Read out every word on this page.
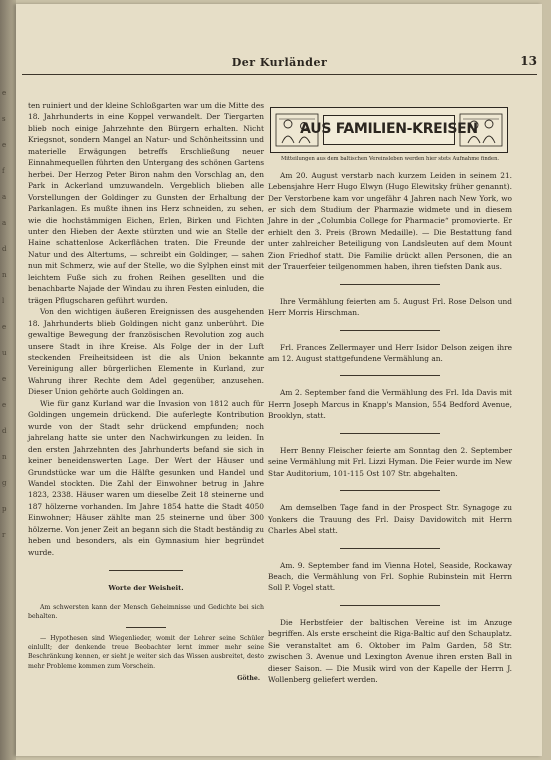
e
s
e
f
a
a
d
n
l
e
u
e
e
d
n
g
p
r
Der Kurländer	13

ten ruiniert und der kleine Schloßgarten war um die Mitte des 18. Jahrhunderts in eine Koppel verwandelt. Der Tiergarten blieb noch einige Jahrzehnte den Bürgern erhalten. Nicht Kriegsnot, sondern Mangel an Natur- und Schönheitssinn und materielle Erwägungen betreffs Erschließung neuer Einnahmequellen führten den Untergang des schönen Gartens herbei. Der Herzog Peter Biron nahm den Vorschlag an, den Park in Ackerland umzuwandeln. Vergeblich blieben alle Vorstellungen der Goldinger zu Gunsten der Erhaltung der Parkanlagen. Es mußte ihnen ins Herz schneiden, zu sehen, wie die hochstämmigen Eichen, Erlen, Birken und Fichten unter den Hieben der Aexte stürzten und wie an Stelle der Haine schattenlose Ackerflächen traten. Die Freunde der Natur und des Altertums, — schreibt ein Goldinger, — sahen nun mit Schmerz, wie auf der Stelle, wo die Sylphen einst mit leichtem Fuße sich zu frohen Reihen gesellten und die benachbarte Najade der Windau zu ihren Festen einluden, die trägen Pflugscharen geführt wurden.

Von den wichtigen äußeren Ereignissen des ausgehenden 18. Jahrhunderts blieb Goldingen nicht ganz unberührt. Die gewaltige Bewegung der französischen Revolution zog auch unsere Stadt in ihre Kreise. Als Folge der in der Luft steckenden Freiheitsideen ist die als Union bekannte Vereinigung aller bürgerlichen Elemente in Kurland, zur Wahrung ihrer Rechte dem Adel gegenüber, anzusehen. Dieser Union gehörte auch Goldingen an.

Wie für ganz Kurland war die Invasion von 1812 auch für Goldingen ungemein drückend. Die auferlegte Kontribution wurde von der Stadt sehr drückend empfunden; noch jahrelang hatte sie unter den Nachwirkungen zu leiden. In den ersten Jahrzehnten des Jahrhunderts befand sie sich in keiner beneidenswerten Lage. Der Wert der Häuser und Grundstücke war um die Hälfte gesunken und Handel und Wandel stockten. Die Zahl der Einwohner betrug in Jahre 1823, 2338. Häuser waren um dieselbe Zeit 18 steinerne und 187 hölzerne vorhanden. Im Jahre 1854 hatte die Stadt 4050 Einwohner; Häuser zählte man 25 steinerne und über 300 hölzerne. Von jener Zeit an begann sich die Stadt beständig zu heben und besonders, als ein Gymnasium hier begründet wurde.

Worte der Weisheit.

Am schwersten kann der Mensch Geheimnisse und Gedichte bei sich behalten.

— Hypothesen sind Wiegenlieder, womit der Lehrer seine Schüler einlullt; der denkende treue Beobachter lernt immer mehr seine Beschränkung kennen, er sieht je weiter sich das Wissen ausbreitet, desto mehr Probleme kommen zum Vorschein.

Göthe.
AUS FAMILIEN-KREISEN
Mitteilungen aus dem baltischen Vereinsleben werden hier stets Aufnahme finden.

Am 20. August verstarb nach kurzem Leiden in seinem 21. Lebensjahre Herr Hugo Elwyn (Hugo Elewitsky früher genannt). Der Verstorbene kam vor ungefähr 4 Jahren nach New York, wo er sich dem Studium der Pharmazie widmete und in diesem Jahre in der „Columbia College for Pharmacie“ promovierte. Er erhielt den 3. Preis (Brown Medaille). — Die Bestattung fand unter zahlreicher Beteiligung von Landsleuten auf dem Mount Zion Friedhof statt. Die Familie drückt allen Personen, die an der Trauerfeier teilgenommen haben, ihren tiefsten Dank aus.

Ihre Vermählung feierten am 5. August Frl. Rose Delson und Herr Morris Hirschman.

Frl. Frances Zellermayer und Herr Isidor Delson zeigen ihre am 12. August stattgefundene Vermählung an.

Am 2. September fand die Vermählung des Frl. Ida Davis mit Herrn Joseph Marcus in Knapp's Mansion, 554 Bedford Avenue, Brooklyn, statt.

Herr Benny Fleischer feierte am Sonntag den 2. September seine Vermählung mit Frl. Lizzi Hyman. Die Feier wurde im New Star Auditorium, 101-115 Ost 107 Str. abgehalten.

Am demselben Tage fand in der Prospect Str. Synagoge zu Yonkers die Trauung des Frl. Daisy Davidowitch mit Herrn Charles Abel statt.

Am. 9. September fand im Vienna Hotel, Seaside, Rockaway Beach, die Vermählung von Frl. Sophie Rubinstein mit Herrn Soll P. Vogel statt.

Die Herbstfeier der baltischen Vereine ist im Anzuge begriffen. Als erste erscheint die Riga-Baltic auf den Schauplatz. Sie veranstaltet am 6. Oktober im Palm Garden, 58 Str. zwischen 3. Avenue und Lexington Avenue ihren ersten Ball in dieser Saison. — Die Musik wird von der Kapelle der Herrn J. Wollenberg geliefert werden.
